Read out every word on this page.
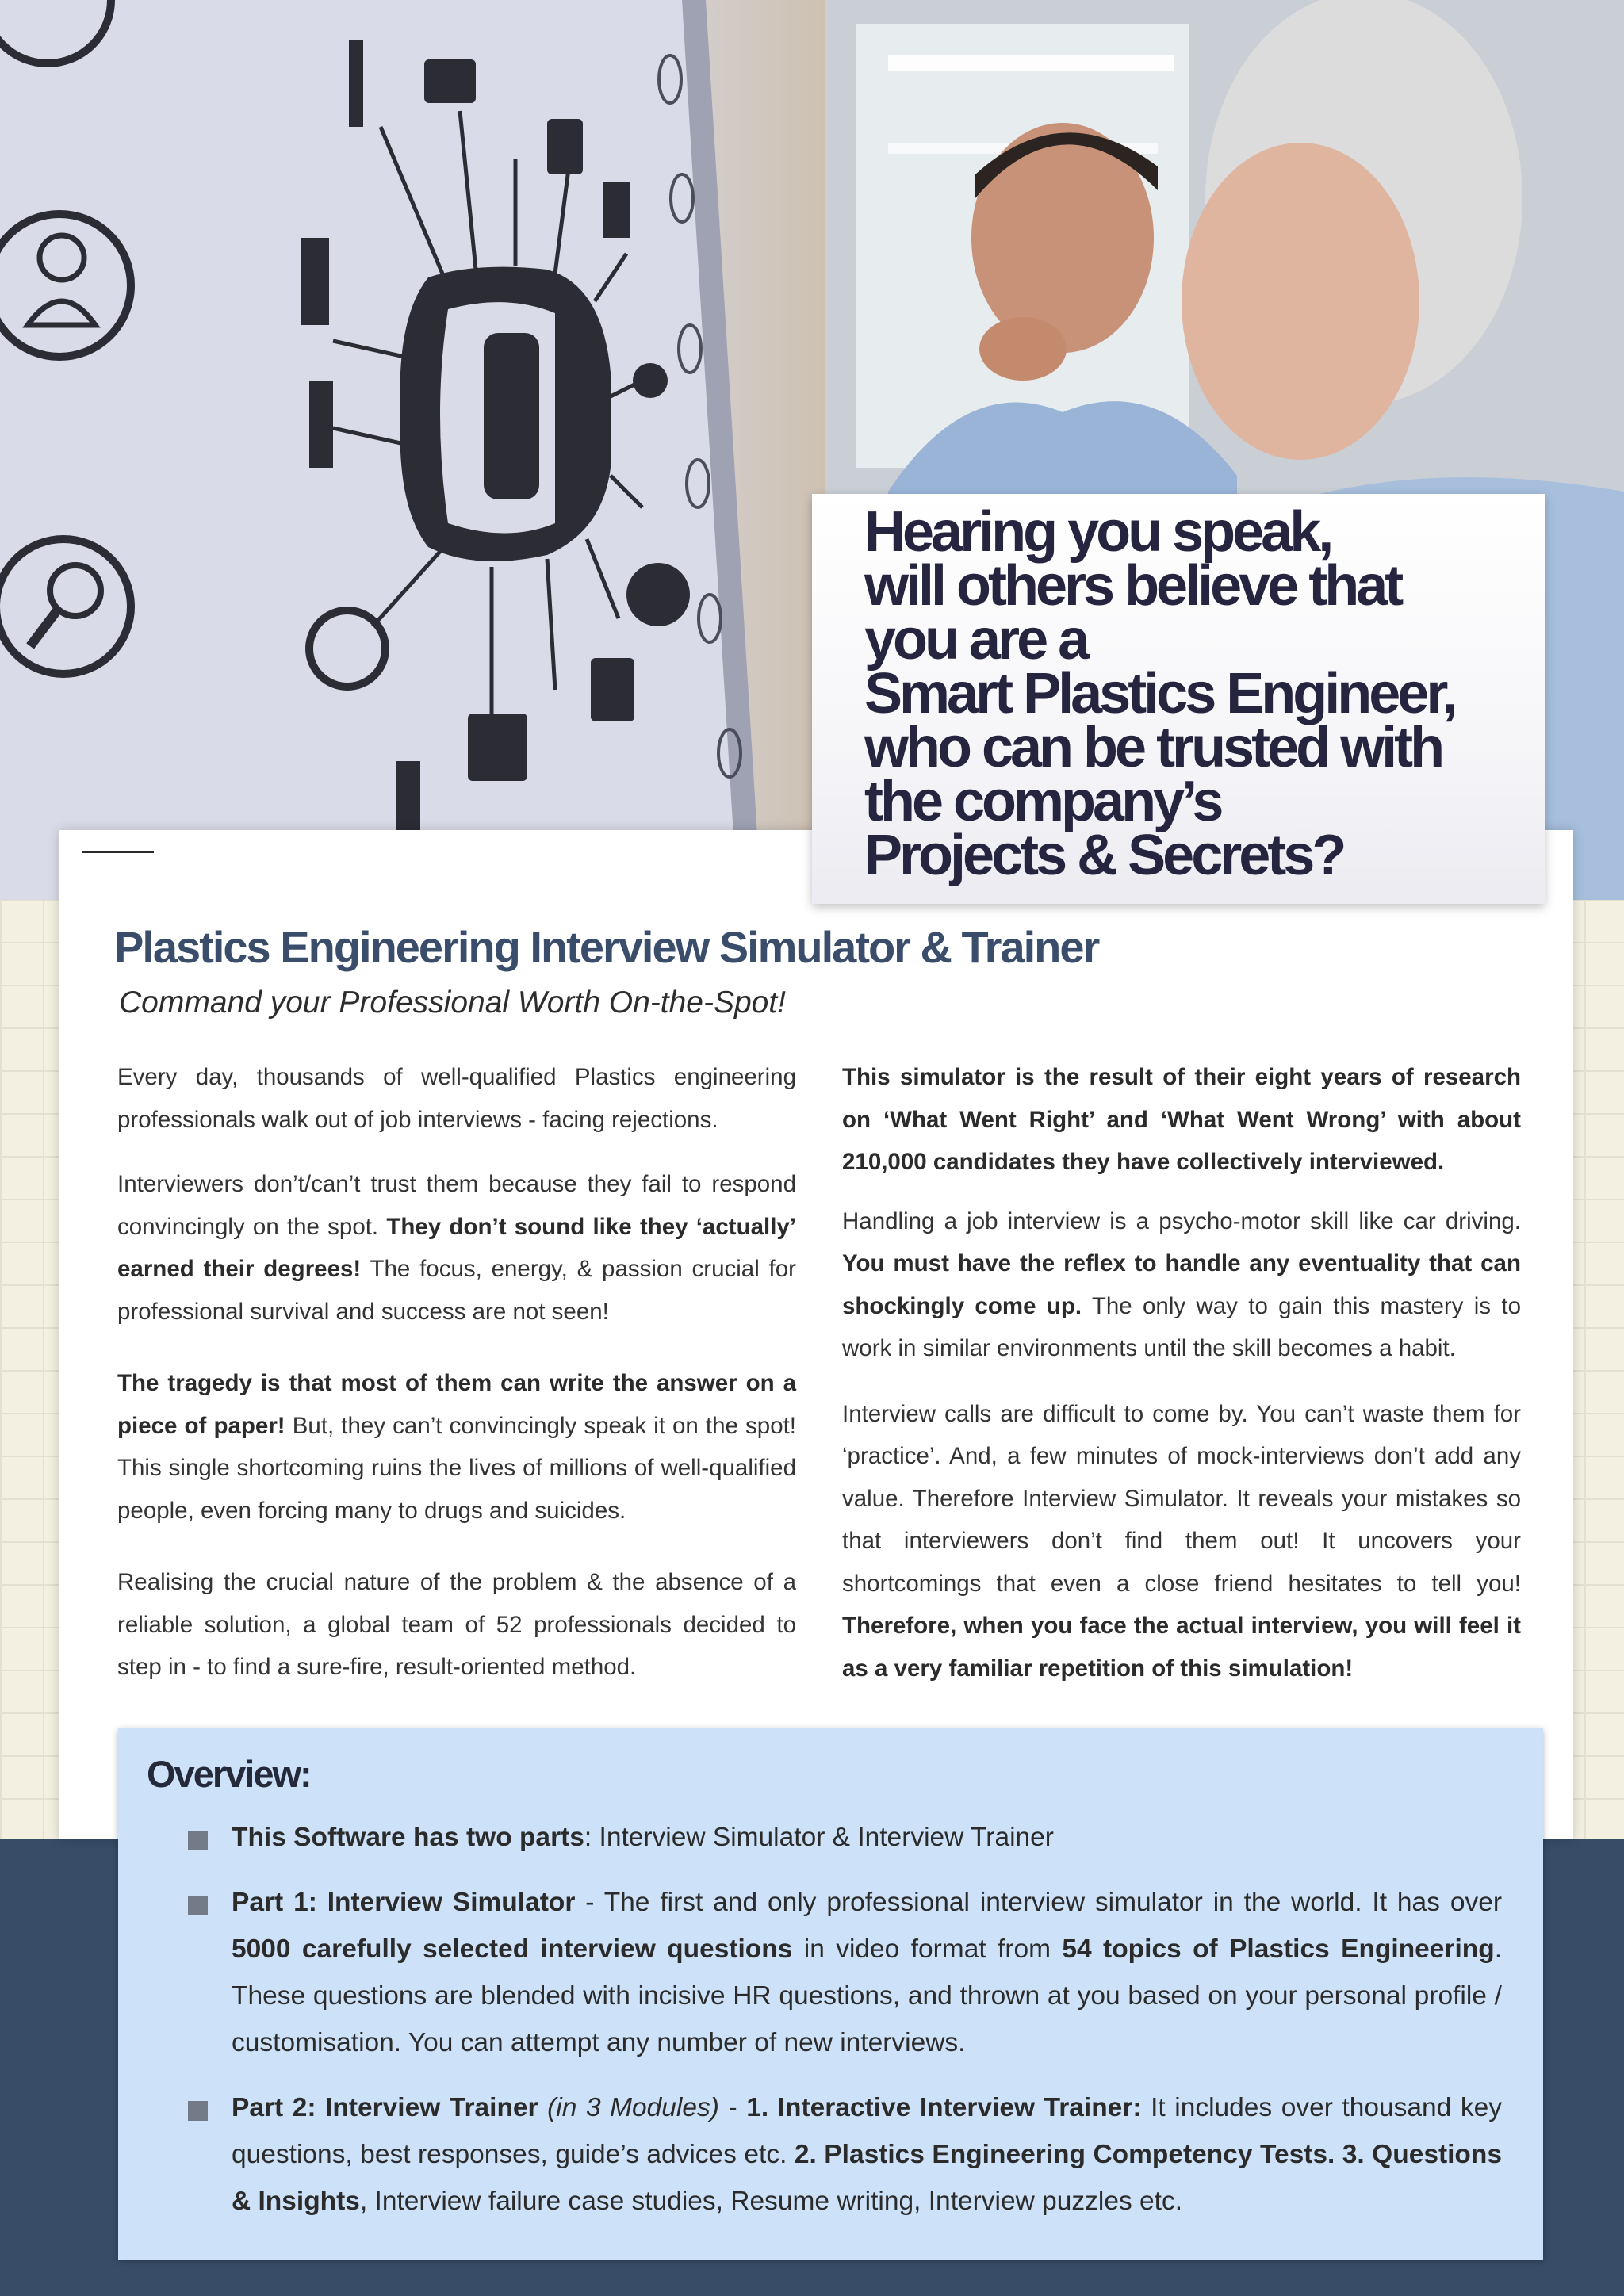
Hearing you speak,
will others believe that
you are a
Smart Plastics Engineer,
who can be trusted with
the company’s
Projects & Secrets?
Plastics Engineering Interview Simulator & Trainer

Command your Professional Worth On-the-Spot!

Every day, thousands of well-qualified Plastics engineering professionals walk out of job interviews - facing rejections.

Interviewers don’t/can’t trust them because they fail to respond convincingly on the spot. They don’t sound like they ‘actually’ earned their degrees! The focus, energy, & passion crucial for professional survival and success are not seen!

The tragedy is that most of them can write the answer on a piece of paper! But, they can’t convincingly speak it on the spot! This single shortcoming ruins the lives of millions of well-qualified people, even forcing many to drugs and suicides.

Realising the crucial nature of the problem & the absence of a reliable solution, a global team of 52 professionals decided to step in - to find a sure-fire, result-oriented method.

This simulator is the result of their eight years of research on ‘What Went Right’ and ‘What Went Wrong’ with about 210,000 candidates they have collectively interviewed.

Handling a job interview is a psycho-motor skill like car driving. You must have the reflex to handle any eventuality that can shockingly come up. The only way to gain this mastery is to work in similar environments until the skill becomes a habit.

Interview calls are difficult to come by. You can’t waste them for ‘practice’. And, a few minutes of mock-interviews don’t add any value. Therefore Interview Simulator. It reveals your mistakes so that interviewers don’t find them out! It uncovers your shortcomings that even a close friend hesitates to tell you! Therefore, when you face the actual interview, you will feel it as a very familiar repetition of this simulation!

Overview:
This Software has two parts: Interview Simulator & Interview Trainer
Part 1: Interview Simulator - The first and only professional interview simulator in the world. It has over 5000 carefully selected interview questions in video format from 54 topics of Plastics Engineering. These questions are blended with incisive HR questions, and thrown at you based on your personal profile / customisation. You can attempt any number of new interviews.
Part 2: Interview Trainer (in 3 Modules) - 1. Interactive Interview Trainer: It includes over thousand key questions, best responses, guide’s advices etc. 2. Plastics Engineering Competency Tests. 3. Questions & Insights, Interview failure case studies, Resume writing, Interview puzzles etc.
